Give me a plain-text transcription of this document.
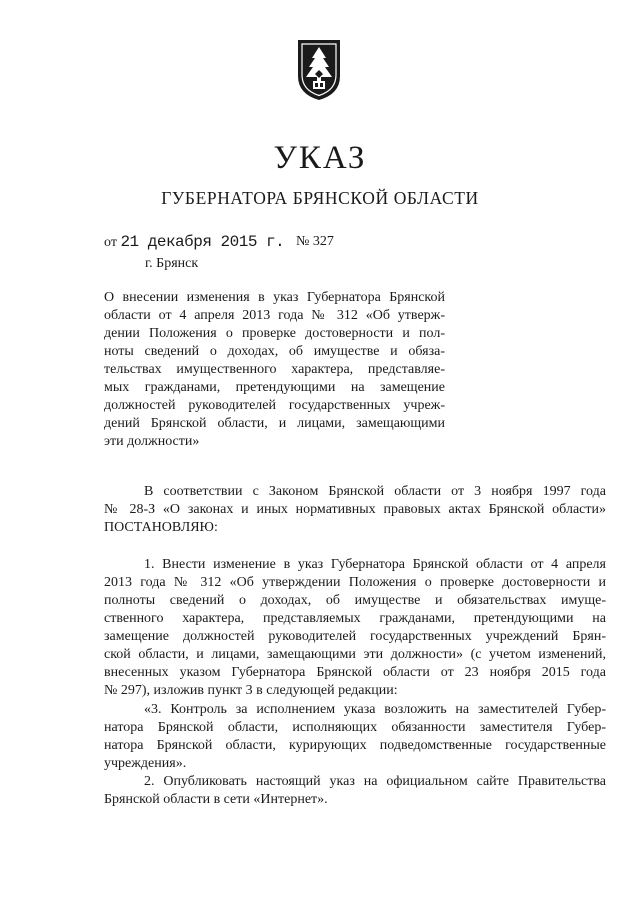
УКАЗ
ГУБЕРНАТОРА БРЯНСКОЙ ОБЛАСТИ
от 21 декабря 2015 г. № 327
г. Брянск
О внесении изменения в указ Губернатора Брянской
области от 4 апреля 2013 года № 312 «Об утверж-
дении Положения о проверке достоверности и пол-
ноты сведений о доходах, об имуществе и обяза-
тельствах имущественного характера, представляе-
мых гражданами, претендующими на замещение
должностей руководителей государственных учреж-
дений Брянской области, и лицами, замещающими
эти должности»
В соответствии с Законом Брянской области от 3 ноября 1997 года
№ 28-З «О законах и иных нормативных правовых актах Брянской области»
ПОСТАНОВЛЯЮ:
1. Внести изменение в указ Губернатора Брянской области от 4 апреля
2013 года № 312 «Об утверждении Положения о проверке достоверности и
полноты сведений о доходах, об имуществе и обязательствах имуще-
ственного характера, представляемых гражданами, претендующими на
замещение должностей руководителей государственных учреждений Брян-
ской области, и лицами, замещающими эти должности» (с учетом изменений,
внесенных указом Губернатора Брянской области от 23 ноября 2015 года
№ 297), изложив пункт 3 в следующей редакции:
«3. Контроль за исполнением указа возложить на заместителей Губер-
натора Брянской области, исполняющих обязанности заместителя Губер-
натора Брянской области, курирующих подведомственные государственные
учреждения».
2. Опубликовать настоящий указ на официальном сайте Правительства
Брянской области в сети «Интернет».
